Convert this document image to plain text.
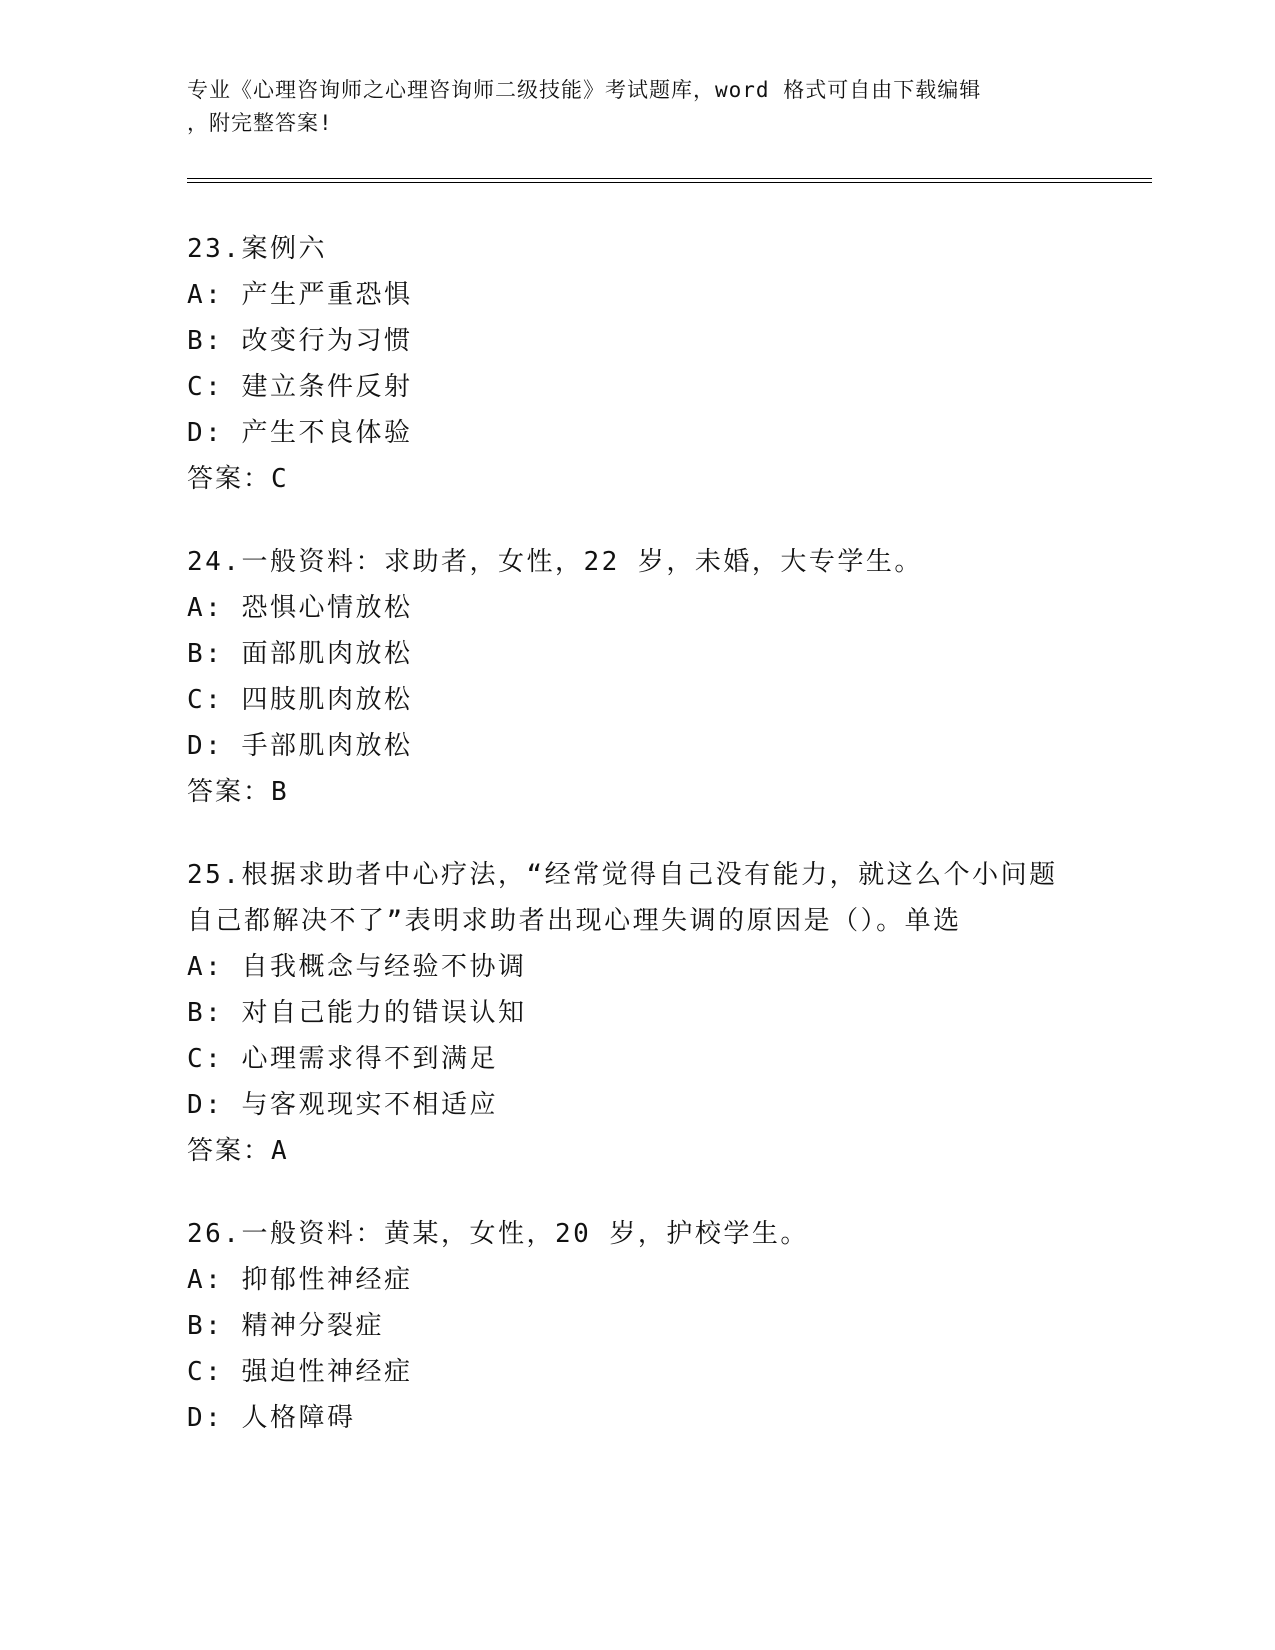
专业《心理咨询师之心理咨询师二级技能》考试题库，word 格式可自由下载编辑
，附完整答案!
23.案例六
A: 产生严重恐惧
B: 改变行为习惯
C: 建立条件反射
D: 产生不良体验
答案：C
24.一般资料：求助者，女性，22 岁，未婚，大专学生。
A: 恐惧心情放松
B: 面部肌肉放松
C: 四肢肌肉放松
D: 手部肌肉放松
答案：B
25.根据求助者中心疗法，“经常觉得自己没有能力，就这么个小问题
自己都解决不了”表明求助者出现心理失调的原因是（）。单选
A: 自我概念与经验不协调
B: 对自己能力的错误认知
C: 心理需求得不到满足
D: 与客观现实不相适应
答案：A
26.一般资料：黄某，女性，20 岁，护校学生。
A: 抑郁性神经症
B: 精神分裂症
C: 强迫性神经症
D: 人格障碍
